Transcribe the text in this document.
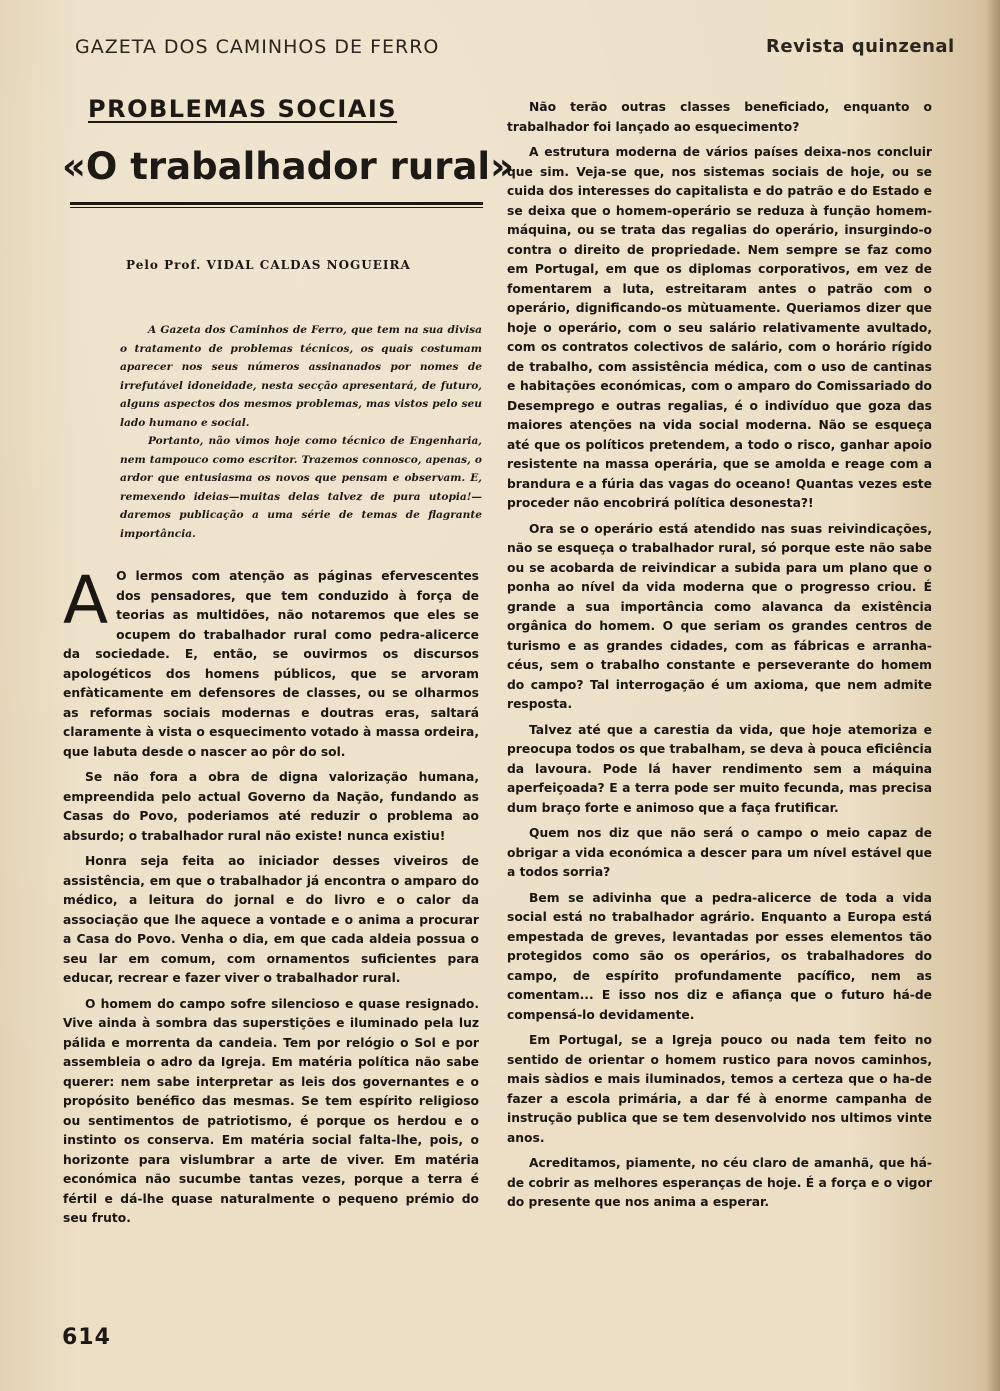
GAZETA DOS CAMINHOS DE FERRO	Revista quinzenal

PROBLEMAS SOCIAIS
«O trabalhador rural»

Pelo Prof. VIDAL CALDAS NOGUEIRA

A Gazeta dos Caminhos de Ferro, que tem na sua divisa o tratamento de problemas técnicos, os quais costumam aparecer nos seus números assinanados por nomes de irrefutável idoneidade, nesta secção apresentará, de futuro, alguns aspectos dos mesmos problemas, mas vistos pelo seu lado humano e social.

Portanto, não vimos hoje como técnico de Engenharia, nem tampouco como escritor. Trazemos connosco, apenas, o ardor que entusiasma os novos que pensam e observam. E, remexendo ideias—muitas delas talvez de pura utopia!—daremos publicação a uma série de temas de flagrante importância.

A O lermos com atenção as páginas efervescentes dos pensadores, que tem conduzido à força de teorias as multidões, não notaremos que eles se ocupem do trabalhador rural como pedra-alicerce da sociedade. E, então, se ouvirmos os discursos apologéticos dos homens públicos, que se arvoram enfàticamente em defensores de classes, ou se olharmos as reformas sociais modernas e doutras eras, saltará claramente à vista o esquecimento votado à massa ordeira, que labuta desde o nascer ao pôr do sol.

Se não fora a obra de digna valorização humana, empreendida pelo actual Governo da Nação, fundando as Casas do Povo, poderiamos até reduzir o problema ao absurdo; o trabalhador rural não existe! nunca existiu!

Honra seja feita ao iniciador desses viveiros de assistência, em que o trabalhador já encontra o amparo do médico, a leitura do jornal e do livro e o calor da associação que lhe aquece a vontade e o anima a procurar a Casa do Povo. Venha o dia, em que cada aldeia possua o seu lar em comum, com ornamentos suficientes para educar, recrear e fazer viver o trabalhador rural.

O homem do campo sofre silencioso e quase resignado. Vive ainda à sombra das superstições e iluminado pela luz pálida e morrenta da candeia. Tem por relógio o Sol e por assembleia o adro da Igreja. Em matéria política não sabe querer: nem sabe interpretar as leis dos governantes e o propósito benéfico das mesmas. Se tem espírito religioso ou sentimentos de patriotismo, é porque os herdou e o instinto os conserva. Em matéria social falta-lhe, pois, o horizonte para vislumbrar a arte de viver. Em matéria económica não sucumbe tantas vezes, porque a terra é fértil e dá-lhe quase naturalmente o pequeno prémio do seu fruto.

Não terão outras classes beneficiado, enquanto o trabalhador foi lançado ao esquecimento?

A estrutura moderna de vários países deixa-nos concluir que sim. Veja-se que, nos sistemas sociais de hoje, ou se cuida dos interesses do capitalista e do patrão e do Estado e se deixa que o homem-operário se reduza à função homem-máquina, ou se trata das regalias do operário, insurgindo-o contra o direito de propriedade. Nem sempre se faz como em Portugal, em que os diplomas corporativos, em vez de fomentarem a luta, estreitaram antes o patrão com o operário, dignificando-os mùtuamente. Queriamos dizer que hoje o operário, com o seu salário relativamente avultado, com os contratos colectivos de salário, com o horário rígido de trabalho, com assistência médica, com o uso de cantinas e habitações económicas, com o amparo do Comissariado do Desemprego e outras regalias, é o indivíduo que goza das maiores atenções na vida social moderna. Não se esqueça até que os políticos pretendem, a todo o risco, ganhar apoio resistente na massa operária, que se amolda e reage com a brandura e a fúria das vagas do oceano! Quantas vezes este proceder não encobrirá política desonesta?!

Ora se o operário está atendido nas suas reivindicações, não se esqueça o trabalhador rural, só porque este não sabe ou se acobarda de reivindicar a subida para um plano que o ponha ao nível da vida moderna que o progresso criou. É grande a sua importância como alavanca da existência orgânica do homem. O que seriam os grandes centros de turismo e as grandes cidades, com as fábricas e arranha-céus, sem o trabalho constante e perseverante do homem do campo? Tal interrogação é um axioma, que nem admite resposta.

Talvez até que a carestia da vida, que hoje atemoriza e preocupa todos os que trabalham, se deva à pouca eficiência da lavoura. Pode lá haver rendimento sem a máquina aperfeiçoada? E a terra pode ser muito fecunda, mas precisa dum braço forte e animoso que a faça frutificar.

Quem nos diz que não será o campo o meio capaz de obrigar a vida económica a descer para um nível estável que a todos sorria?

Bem se adivinha que a pedra-alicerce de toda a vida social está no trabalhador agrário. Enquanto a Europa está empestada de greves, levantadas por esses elementos tão protegidos como são os operários, os trabalhadores do campo, de espírito profundamente pacífico, nem as comentam... E isso nos diz e afiança que o futuro há-de compensá-lo devidamente.

Em Portugal, se a Igreja pouco ou nada tem feito no sentido de orientar o homem rustico para novos caminhos, mais sàdios e mais iluminados, temos a certeza que o ha-de fazer a escola primária, a dar fé à enorme campanha de instrução publica que se tem desenvolvido nos ultimos vinte anos.

Acreditamos, piamente, no céu claro de amanhã, que há-de cobrir as melhores esperanças de hoje. É a força e o vigor do presente que nos anima a esperar.

614
